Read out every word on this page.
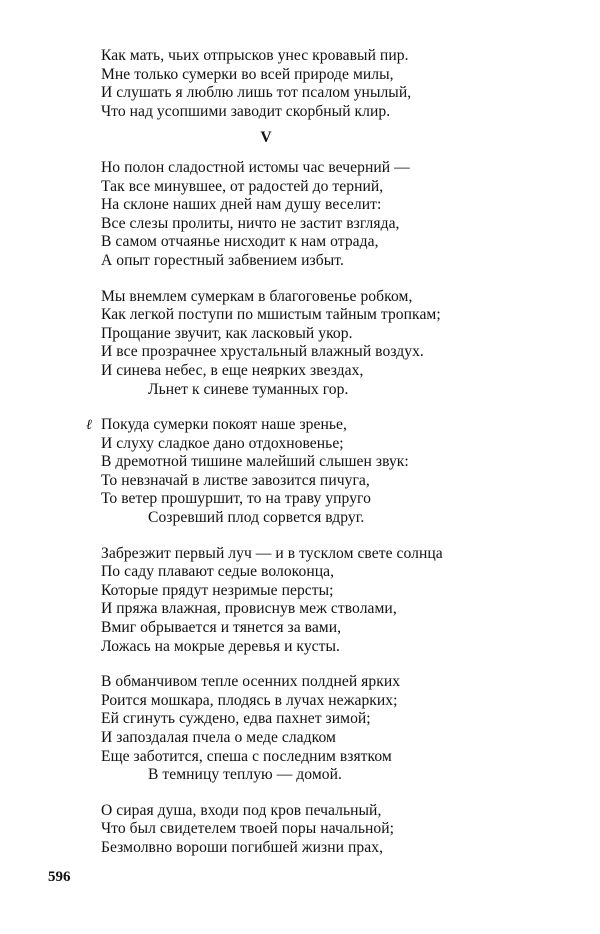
Как мать, чьих отпрысков унес кровавый пир.
Мне только сумерки во всей природе милы,
И слушать я люблю лишь тот псалом унылый,
Что над усопшими заводит скорбный клир.
V
Но полон сладостной истомы час вечерний —
Так все минувшее, от радостей до терний,
На склоне наших дней нам душу веселит:
Все слезы пролиты, ничто не застит взгляда,
В самом отчаянье нисходит к нам отрада,
А опыт горестный забвением избыт.
Мы внемлем сумеркам в благоговенье робком,
Как легкой поступи по мшистым тайным тропкам;
Прощание звучит, как ласковый укор.
И все прозрачнее хрустальный влажный воздух.
И синева небес, в еще неярких звездах,
Льнет к синеве туманных гор.
Покуда сумерки покоят наше зренье,
И слуху сладкое дано отдохновенье;
В дремотной тишине малейший слышен звук:
То невзначай в листве завозится пичуга,
То ветер прошуршит, то на траву упруго
Созревший плод сорвется вдруг.
Забрезжит первый луч — и в тусклом свете солнца
По саду плавают седые волоконца,
Которые прядут незримые персты;
И пряжа влажная, провиснув меж стволами,
Вмиг обрывается и тянется за вами,
Ложась на мокрые деревья и кусты.
В обманчивом тепле осенних полдней ярких
Роится мошкара, плодясь в лучах нежарких;
Ей сгинуть суждено, едва пахнет зимой;
И запоздалая пчела о меде сладком
Еще заботится, спеша с последним взятком
В темницу теплую — домой.
О сирая душа, входи под кров печальный,
Что был свидетелем твоей поры начальной;
Безмолвно вороши погибшей жизни прах,
ℓ
596
